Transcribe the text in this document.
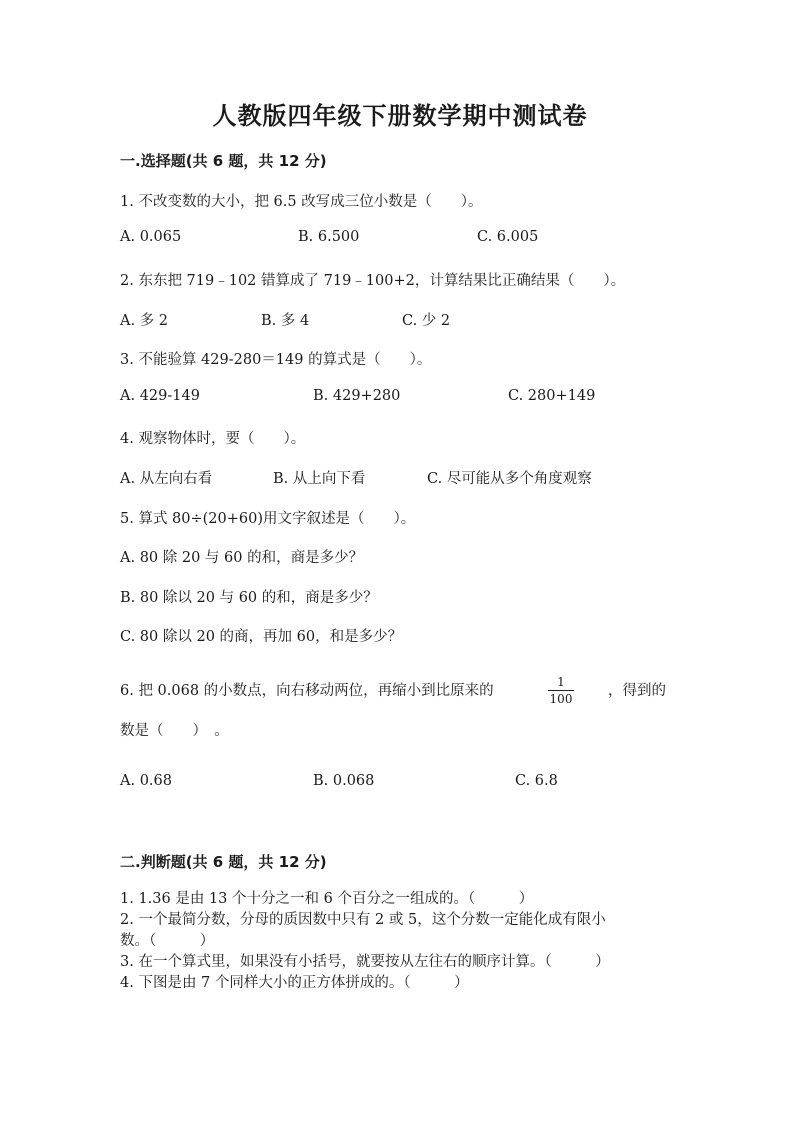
人教版四年级下册数学期中测试卷
一.选择题(共 6 题，共 12 分)
1. 不改变数的大小，把 6.5 改写成三位小数是（　　）。
A. 0.065	B. 6.500	C. 6.005
2. 东东把 719﹣102 错算成了 719﹣100+2，计算结果比正确结果（　　）。
A. 多 2	B. 多 4	C. 少 2
3. 不能验算 429-280＝149 的算式是（　　）。
A. 429-149	B. 429+280	C. 280+149
4. 观察物体时，要（　　）。
A. 从左向右看	B. 从上向下看	C. 尽可能从多个角度观察
5. 算式 80÷(20+60)用文字叙述是（　　）。
A. 80 除 20 与 60 的和，商是多少？
B. 80 除以 20 与 60 的和，商是多少？
C. 80 除以 20 的商，再加 60，和是多少？
6. 把 0.068 的小数点，向右移动两位，再缩小到比原来的
1
100 ，得到的
数是（　　）　。
A. 0.68	B. 0.068	C. 6.8
二.判断题(共 6 题，共 12 分)
1. 1.36 是由 13 个十分之一和 6 个百分之一组成的。（　　　）
2. 一个最简分数，分母的质因数中只有 2 或 5，这个分数一定能化成有限小
数。（　　　）
3. 在一个算式里，如果没有小括号，就要按从左往右的顺序计算。（　　　）
4. 下图是由 7 个同样大小的正方体拼成的。（　　　）
